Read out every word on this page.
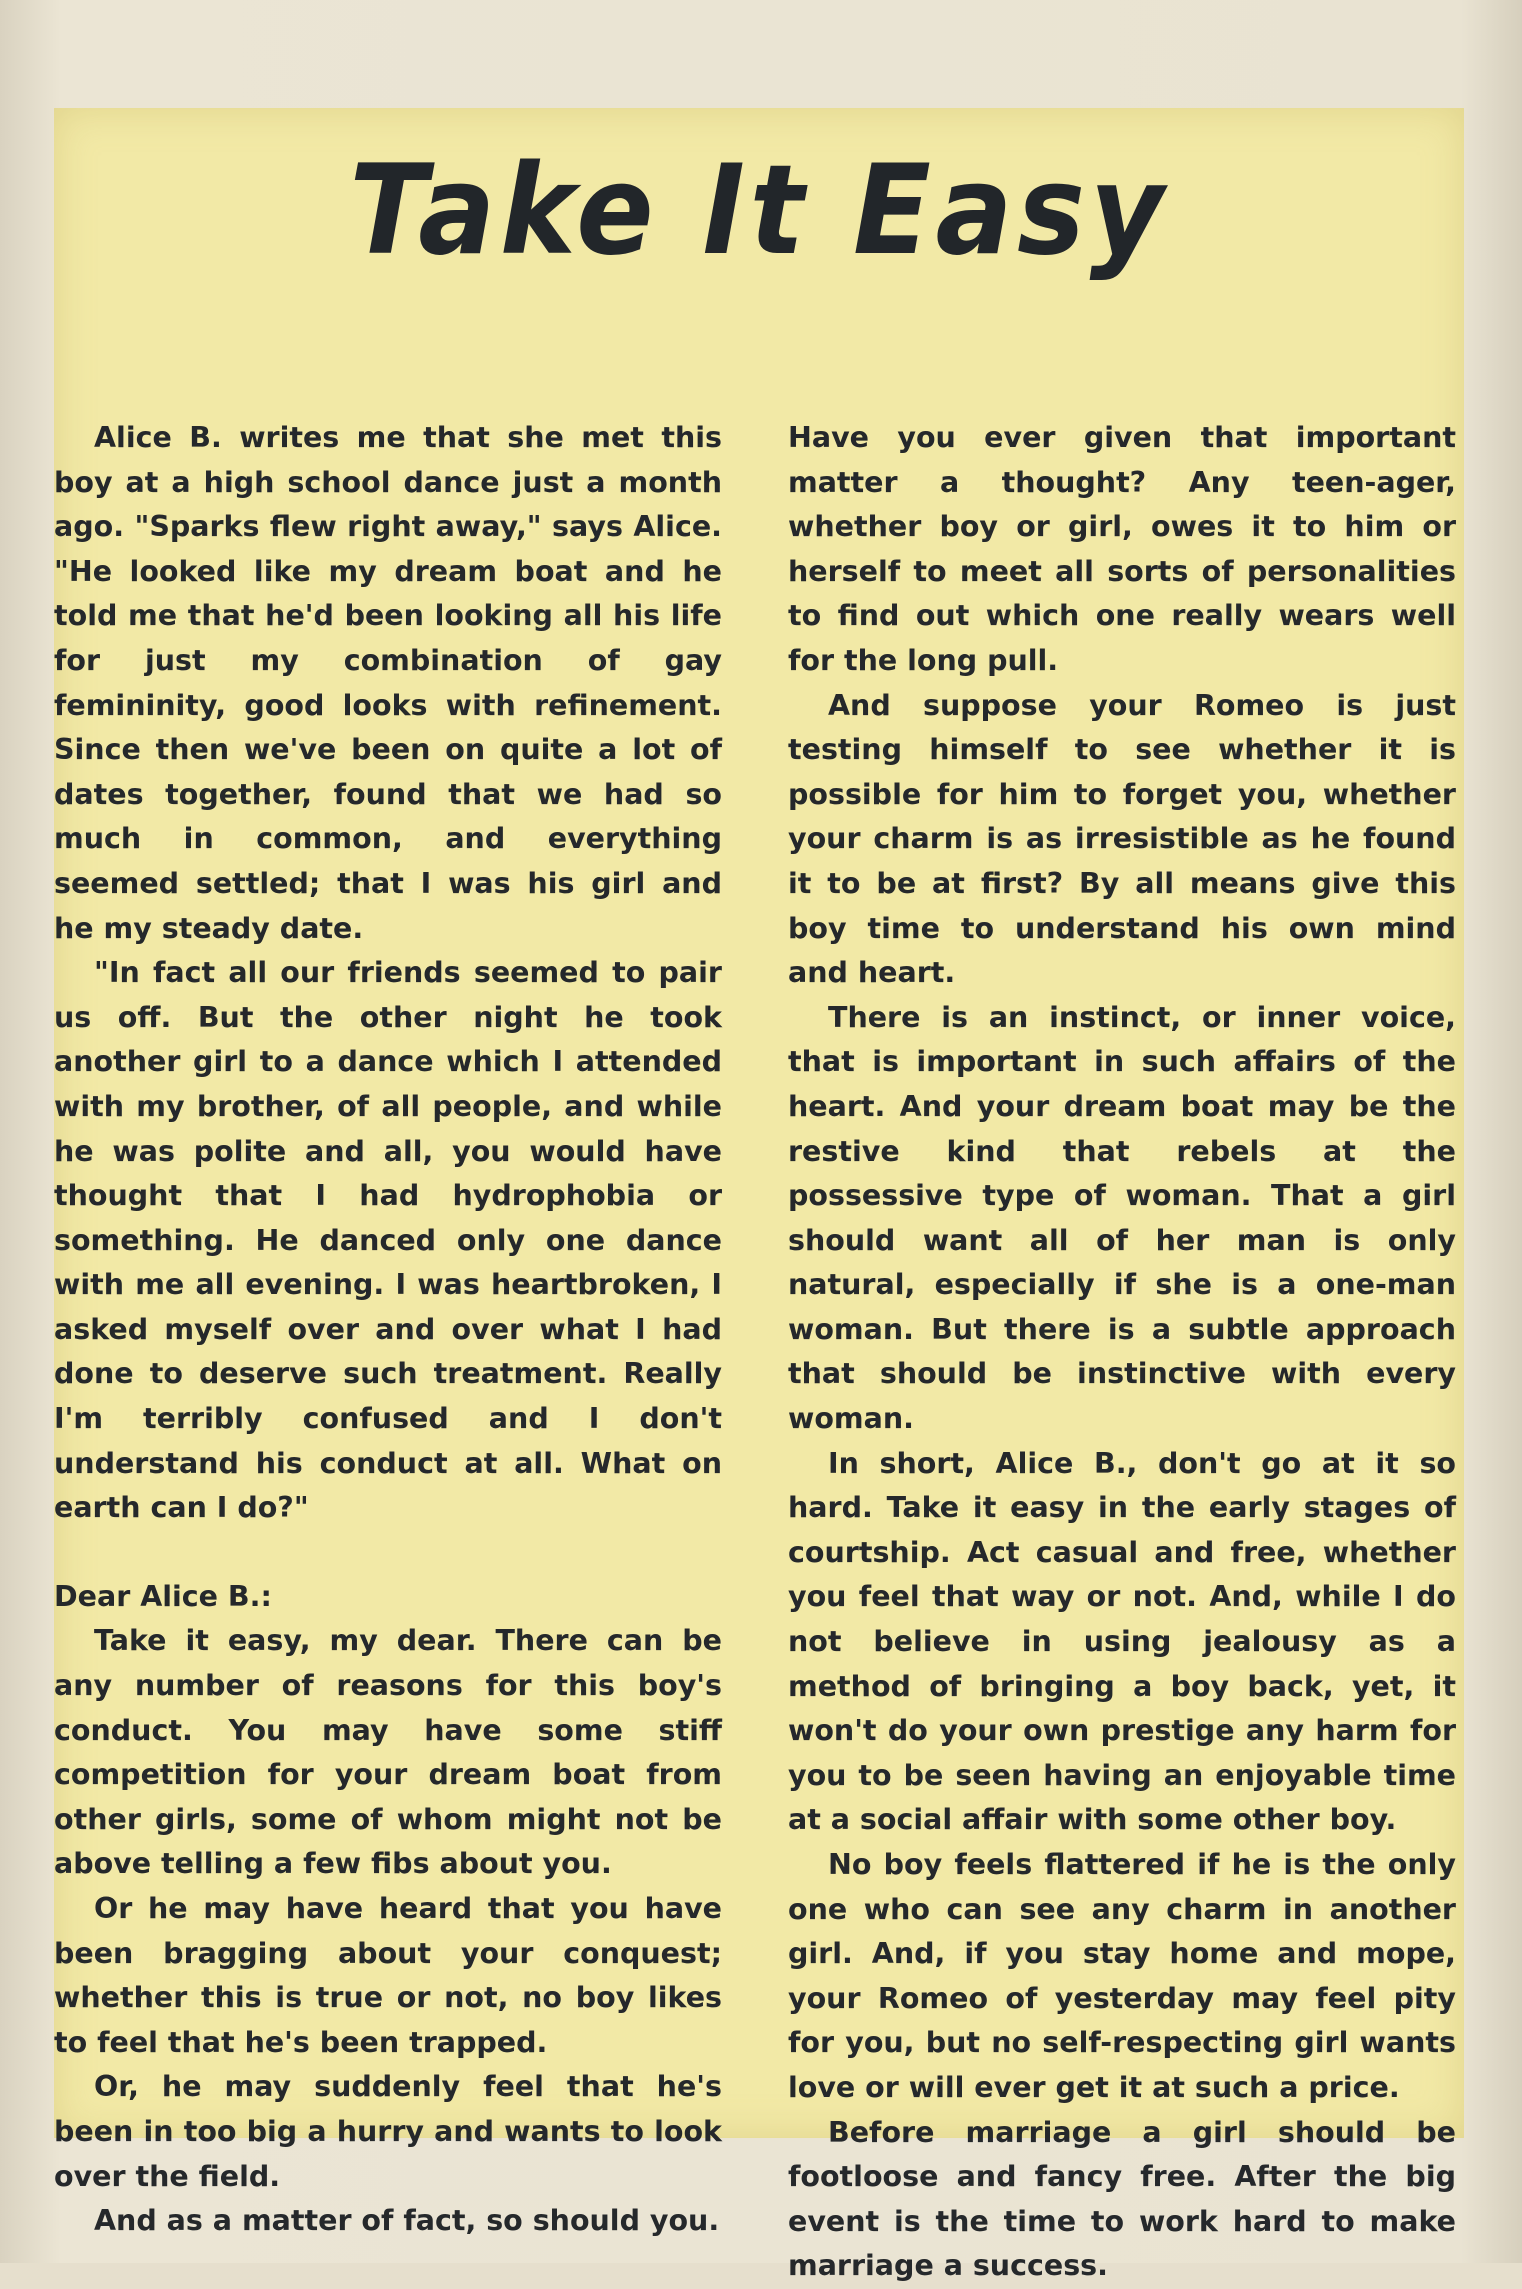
Take It Easy

Alice B. writes me that she met this boy at a high school dance just a month ago. "Sparks flew right away," says Alice. "He looked like my dream boat and he told me that he'd been looking all his life for just my combination of gay femininity, good looks with refinement. Since then we've been on quite a lot of dates together, found that we had so much in common, and everything seemed settled; that I was his girl and he my steady date.

"In fact all our friends seemed to pair us off. But the other night he took another girl to a dance which I attended with my brother, of all people, and while he was polite and all, you would have thought that I had hydrophobia or something. He danced only one dance with me all evening. I was heartbroken, I asked myself over and over what I had done to deserve such treatment. Really I'm terribly confused and I don't understand his conduct at all. What on earth can I do?"

Dear Alice B.:

Take it easy, my dear. There can be any number of reasons for this boy's conduct. You may have some stiff competition for your dream boat from other girls, some of whom might not be above telling a few fibs about you.

Or he may have heard that you have been bragging about your conquest; whether this is true or not, no boy likes to feel that he's been trapped.

Or, he may suddenly feel that he's been in too big a hurry and wants to look over the field.

And as a matter of fact, so should you.

Have you ever given that important matter a thought? Any teen-ager, whether boy or girl, owes it to him or herself to meet all sorts of personalities to find out which one really wears well for the long pull.

And suppose your Romeo is just testing himself to see whether it is possible for him to forget you, whether your charm is as irresistible as he found it to be at first? By all means give this boy time to understand his own mind and heart.

There is an instinct, or inner voice, that is important in such affairs of the heart. And your dream boat may be the restive kind that rebels at the possessive type of woman. That a girl should want all of her man is only natural, especially if she is a one-man woman. But there is a subtle approach that should be instinctive with every woman.

In short, Alice B., don't go at it so hard. Take it easy in the early stages of courtship. Act casual and free, whether you feel that way or not. And, while I do not believe in using jealousy as a method of bringing a boy back, yet, it won't do your own prestige any harm for you to be seen having an enjoyable time at a social affair with some other boy.

No boy feels flattered if he is the only one who can see any charm in another girl. And, if you stay home and mope, your Romeo of yesterday may feel pity for you, but no self-respecting girl wants love or will ever get it at such a price.

Before marriage a girl should be footloose and fancy free. After the big event is the time to work hard to make marriage a success.
